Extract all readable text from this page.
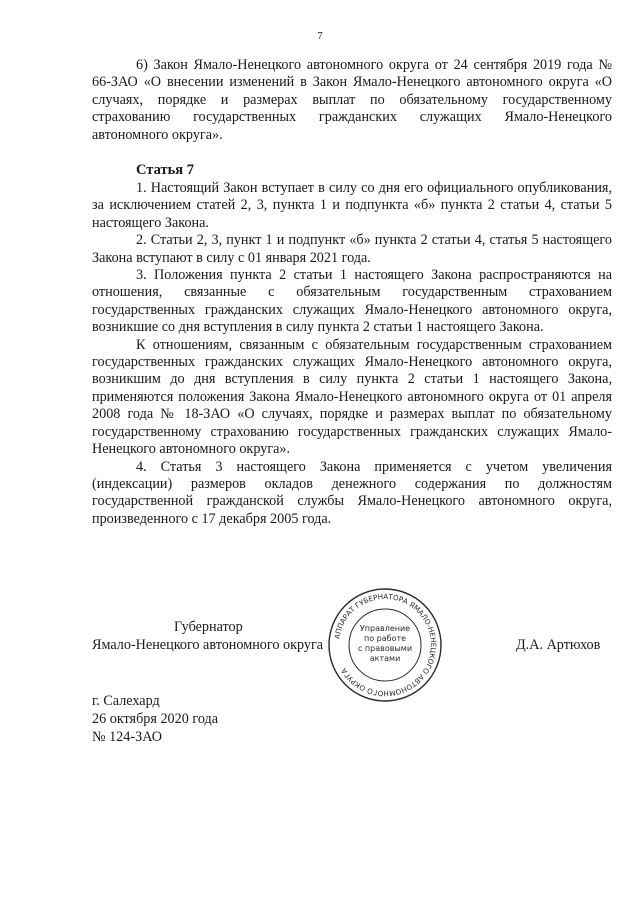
7

6) Закон Ямало-Ненецкого автономного округа от 24 сентября 2019 года № 66-ЗАО «О внесении изменений в Закон Ямало-Ненецкого автономного округа «О случаях, порядке и размерах выплат по обязательному государственному страхованию государственных гражданских служащих Ямало-Ненецкого автономного округа».

Статья 7

1. Настоящий Закон вступает в силу со дня его официального опубликования, за исключением статей 2, 3, пункта 1 и подпункта «б» пункта 2 статьи 4, статьи 5 настоящего Закона.

2. Статьи 2, 3, пункт 1 и подпункт «б» пункта 2 статьи 4, статья 5 настоящего Закона вступают в силу с 01 января 2021 года.

3. Положения пункта 2 статьи 1 настоящего Закона распространяются на отношения, связанные с обязательным государственным страхованием государственных гражданских служащих Ямало-Ненецкого автономного округа, возникшие со дня вступления в силу пункта 2 статьи 1 настоящего Закона.

К отношениям, связанным с обязательным государственным страхованием государственных гражданских служащих Ямало-Ненецкого автономного округа, возникшим до дня вступления в силу пункта 2 статьи 1 настоящего Закона, применяются положения Закона Ямало-Ненецкого автономного округа от 01 апреля 2008 года № 18-ЗАО «О случаях, порядке и размерах выплат по обязательному государственному страхованию государственных гражданских служащих Ямало-Ненецкого автономного округа».

4. Статья 3 настоящего Закона применяется с учетом увеличения (индексации) размеров окладов денежного содержания по должностям государственной гражданской службы Ямало-Ненецкого автономного округа, произведенного с 17 декабря 2005 года.

Губернатор
Ямало-Ненецкого автономного округа
АППАРАТ ГУБЕРНАТОРА ЯМАЛО-НЕНЕЦКОГО АВТОНОМНОГО ОКРУГА
Управление
по работе
с правовыми
актами
Д.А. Артюхов
г. Салехард
26 октября 2020 года
№ 124-ЗАО
